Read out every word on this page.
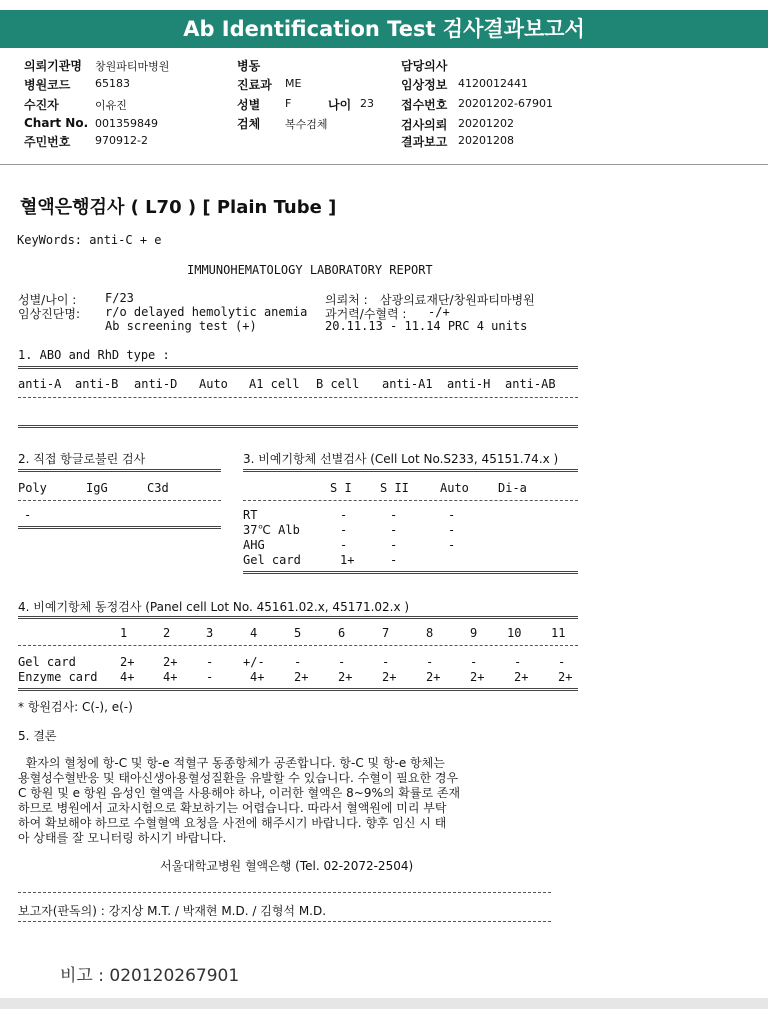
Ab Identification Test 검사결과보고서
의뢰기관명 창원파티마병원
병원코드 65183
수진자	이유진
Chart No. 001359849
주민번호 970912-2
병동
진료과 ME
성별 F	나이 23
검체 복수검체
담당의사
임상정보 4120012441
접수번호 20201202-67901
검사의뢰 20201202
결과보고 20201208
혈액은행검사 ( L70 ) [ Plain Tube ]
KeyWords: anti-C + e
IMMUNOHEMATOLOGY LABORATORY REPORT
성별/나이 : F/23
임상진단명: r/o delayed hemolytic anemia
Ab screening test (+)
의뢰처 : 삼광의료재단/창원파티마병원
과거력/수혈력 : -/+
20.11.13 - 11.14 PRC 4 units
1. ABO and RhD type :
anti-A anti-B anti-D Auto A1 cell B cell anti-A1 anti-H anti-AB
2. 직접 항글로불린 검사
Poly	IgG	C3d
-
3. 비예기항체 선별검사 (Cell Lot No.S233, 45151.74.x )
S I S II	Auto Di-a
RT	-	-	-
37℃ Alb	-	-	-
AHG	-	-	-
Gel card	1+	-
4. 비예기항체 동정검사 (Panel cell Lot No. 45161.02.x, 45171.02.x )
1	2	3	4	5	6	7	8	9 10 11
Gel card	2+ 2+ - +/- -	-	-	-	-	-	-
Enzyme card 4+ 4+ -	4+ 2+ 2+ 2+ 2+ 2+ 2+ 2+
* 항원검사: C(-), e(-)
5. 결론
환자의 혈청에 항-C 및 항-e 적혈구 동종항체가 공존합니다. 항-C 및 항-e 항체는
용혈성수혈반응 및 태아신생아용혈성질환을 유발할 수 있습니다. 수혈이 필요한 경우
C 항원 및 e 항원 음성인 혈액을 사용해야 하나, 이러한 혈액은 8~9%의 확률로 존재
하므로 병원에서 교차시험으로 확보하기는 어렵습니다. 따라서 혈액원에 미리 부탁
하여 확보해야 하므로 수혈혈액 요청을 사전에 해주시기 바랍니다. 향후 임신 시 태
아 상태를 잘 모니터링 하시기 바랍니다.
서울대학교병원 혈액은행 (Tel. 02-2072-2504)
보고자(판독의) : 강지상 M.T. / 박재현 M.D. / 김형석 M.D.
비고 : 020120267901
